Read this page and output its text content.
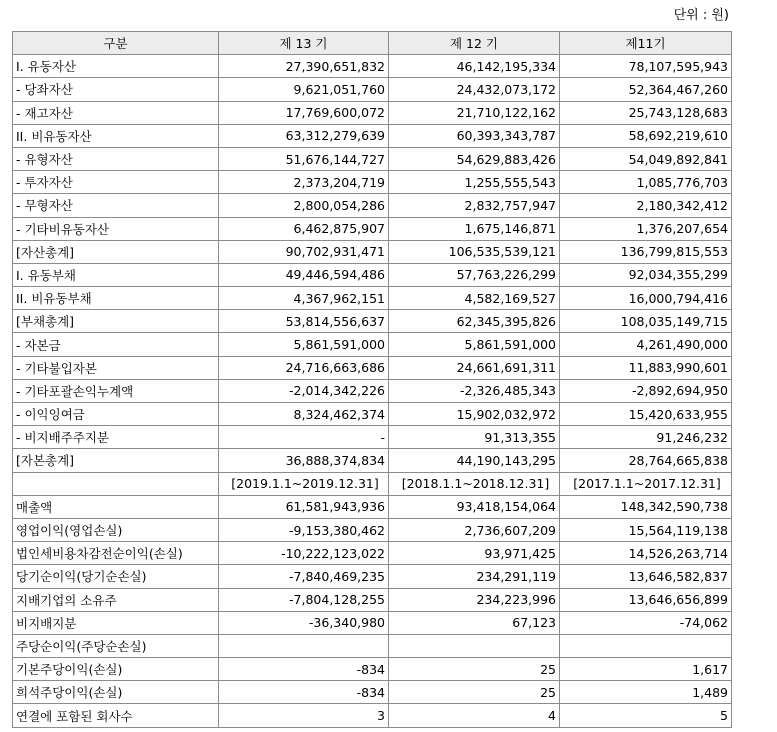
단위 : 원)
구분	제 13 기	제 12 기	제11기
I. 유동자산	27,390,651,832	46,142,195,334	78,107,595,943
- 당좌자산	9,621,051,760	24,432,073,172	52,364,467,260
- 재고자산	17,769,600,072	21,710,122,162	25,743,128,683
II. 비유동자산	63,312,279,639	60,393,343,787	58,692,219,610
- 유형자산	51,676,144,727	54,629,883,426	54,049,892,841
- 투자자산	2,373,204,719	1,255,555,543	1,085,776,703
- 무형자산	2,800,054,286	2,832,757,947	2,180,342,412
- 기타비유동자산	6,462,875,907	1,675,146,871	1,376,207,654
[자산총계]	90,702,931,471	106,535,539,121	136,799,815,553
I. 유동부채	49,446,594,486	57,763,226,299	92,034,355,299
II. 비유동부채	4,367,962,151	4,582,169,527	16,000,794,416
[부채총계]	53,814,556,637	62,345,395,826	108,035,149,715
- 자본금	5,861,591,000	5,861,591,000	4,261,490,000
- 기타불입자본	24,716,663,686	24,661,691,311	11,883,990,601
- 기타포괄손익누계액	-2,014,342,226	-2,326,485,343	-2,892,694,950
- 이익잉여금	8,324,462,374	15,902,032,972	15,420,633,955
- 비지배주주지분	-	91,313,355	91,246,232
[자본총계]	36,888,374,834	44,190,143,295	28,764,665,838
	[2019.1.1~2019.12.31]	[2018.1.1~2018.12.31]	[2017.1.1~2017.12.31]
매출액	61,581,943,936	93,418,154,064	148,342,590,738
영업이익(영업손실)	-9,153,380,462	2,736,607,209	15,564,119,138
법인세비용차감전순이익(손실)	-10,222,123,022	93,971,425	14,526,263,714
당기순이익(당기순손실)	-7,840,469,235	234,291,119	13,646,582,837
지배기업의 소유주	-7,804,128,255	234,223,996	13,646,656,899
비지배지분	-36,340,980	67,123	-74,062
주당순이익(주당순손실)			
기본주당이익(손실)	-834	25	1,617
희석주당이익(손실)	-834	25	1,489
연결에 포함된 회사수	3	4	5
